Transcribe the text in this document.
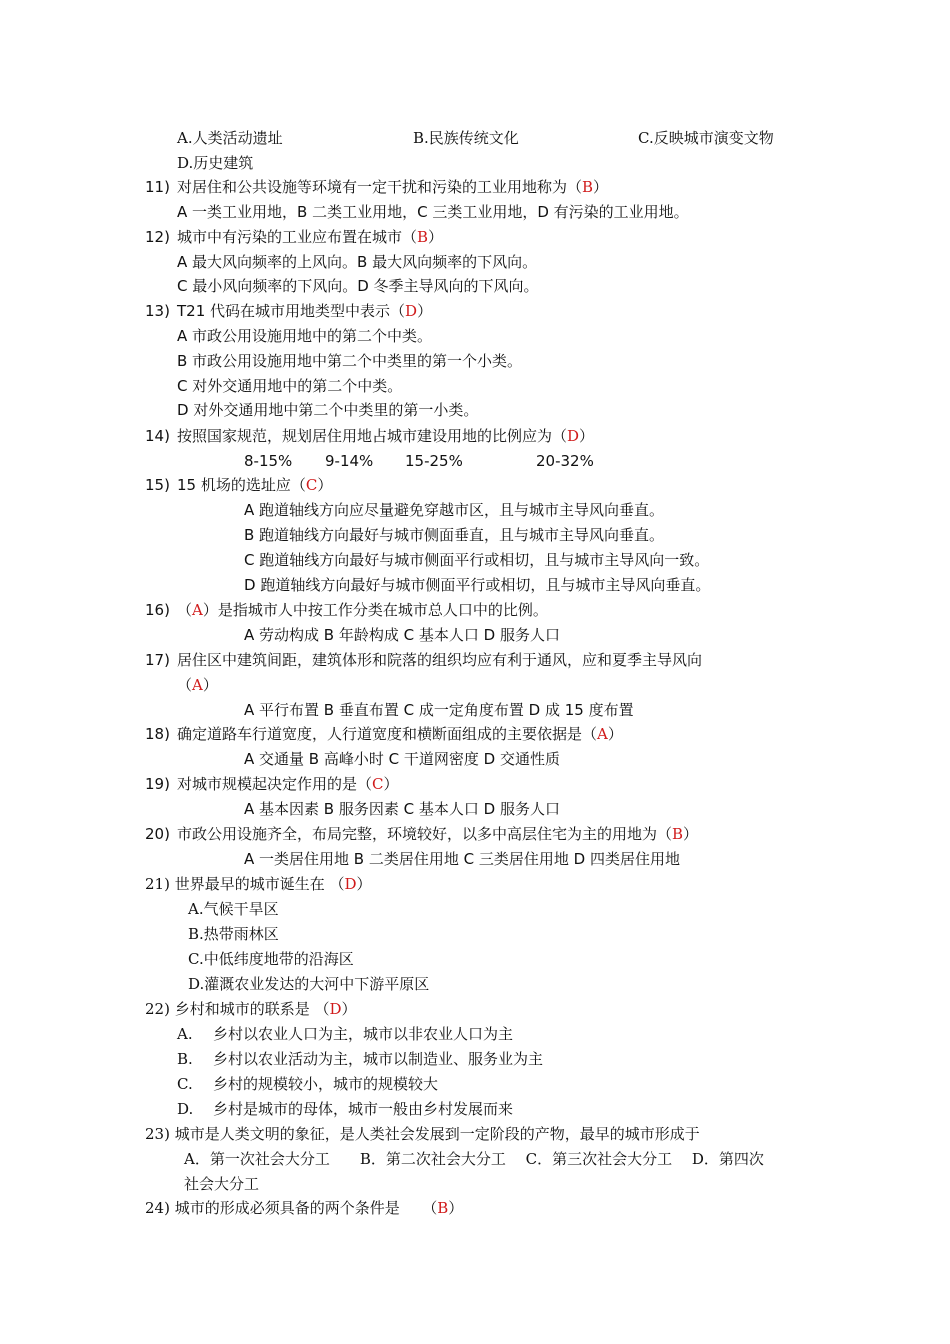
A.人类活动遗址	B.民族传统文化	C.反映城市演变文物
D.历史建筑
11) 对居住和公共设施等环境有一定干扰和污染的工业用地称为（B）
A 一类工业用地，B 二类工业用地，C 三类工业用地，D 有污染的工业用地。
12) 城市中有污染的工业应布置在城市（B）
A 最大风向频率的上风向。B 最大风向频率的下风向。
C 最小风向频率的下风向。D 冬季主导风向的下风向。
13) T21 代码在城市用地类型中表示（D）
A 市政公用设施用地中的第二个中类。
B 市政公用设施用地中第二个中类里的第一个小类。
C 对外交通用地中的第二个中类。
D 对外交通用地中第二个中类里的第一小类。
14) 按照国家规范，规划居住用地占城市建设用地的比例应为（D）
8-15% 9-14% 15-25%	20-32%
15) 15 机场的选址应（C）
A 跑道轴线方向应尽量避免穿越市区，且与城市主导风向垂直。
B 跑道轴线方向最好与城市侧面垂直，且与城市主导风向垂直。
C 跑道轴线方向最好与城市侧面平行或相切，且与城市主导风向一致。
D 跑道轴线方向最好与城市侧面平行或相切，且与城市主导风向垂直。
16) （A）是指城市人中按工作分类在城市总人口中的比例。
A 劳动构成 B 年龄构成 C 基本人口 D 服务人口
17) 居住区中建筑间距，建筑体形和院落的组织均应有利于通风，应和夏季主导风向
（A）
A 平行布置 B 垂直布置 C 成一定角度布置 D 成 15 度布置
18) 确定道路车行道宽度，人行道宽度和横断面组成的主要依据是（A）
A 交通量 B 高峰小时 C 干道网密度 D 交通性质
19) 对城市规模起决定作用的是（C）
A 基本因素 B 服务因素 C 基本人口 D 服务人口
20) 市政公用设施齐全，布局完整，环境较好，以多中高层住宅为主的用地为（B）
A 一类居住用地 B 二类居住用地 C 三类居住用地 D 四类居住用地
21) 世界最早的城市诞生在 （D）
A.气候干旱区
B.热带雨林区
C.中低纬度地带的沿海区
D.灌溉农业发达的大河中下游平原区
22) 乡村和城市的联系是 （D）
A. 乡村以农业人口为主，城市以非农业人口为主
B. 乡村以农业活动为主，城市以制造业、服务业为主
C. 乡村的规模较小，城市的规模较大
D. 乡村是城市的母体，城市一般由乡村发展而来
23) 城市是人类文明的象征，是人类社会发展到一定阶段的产物，最早的城市形成于
A．第一次社会大分工　　B．第二次社会大分工　 C．第三次社会大分工　 D．第四次
社会大分工
24) 城市的形成必须具备的两个条件是　　（B）
